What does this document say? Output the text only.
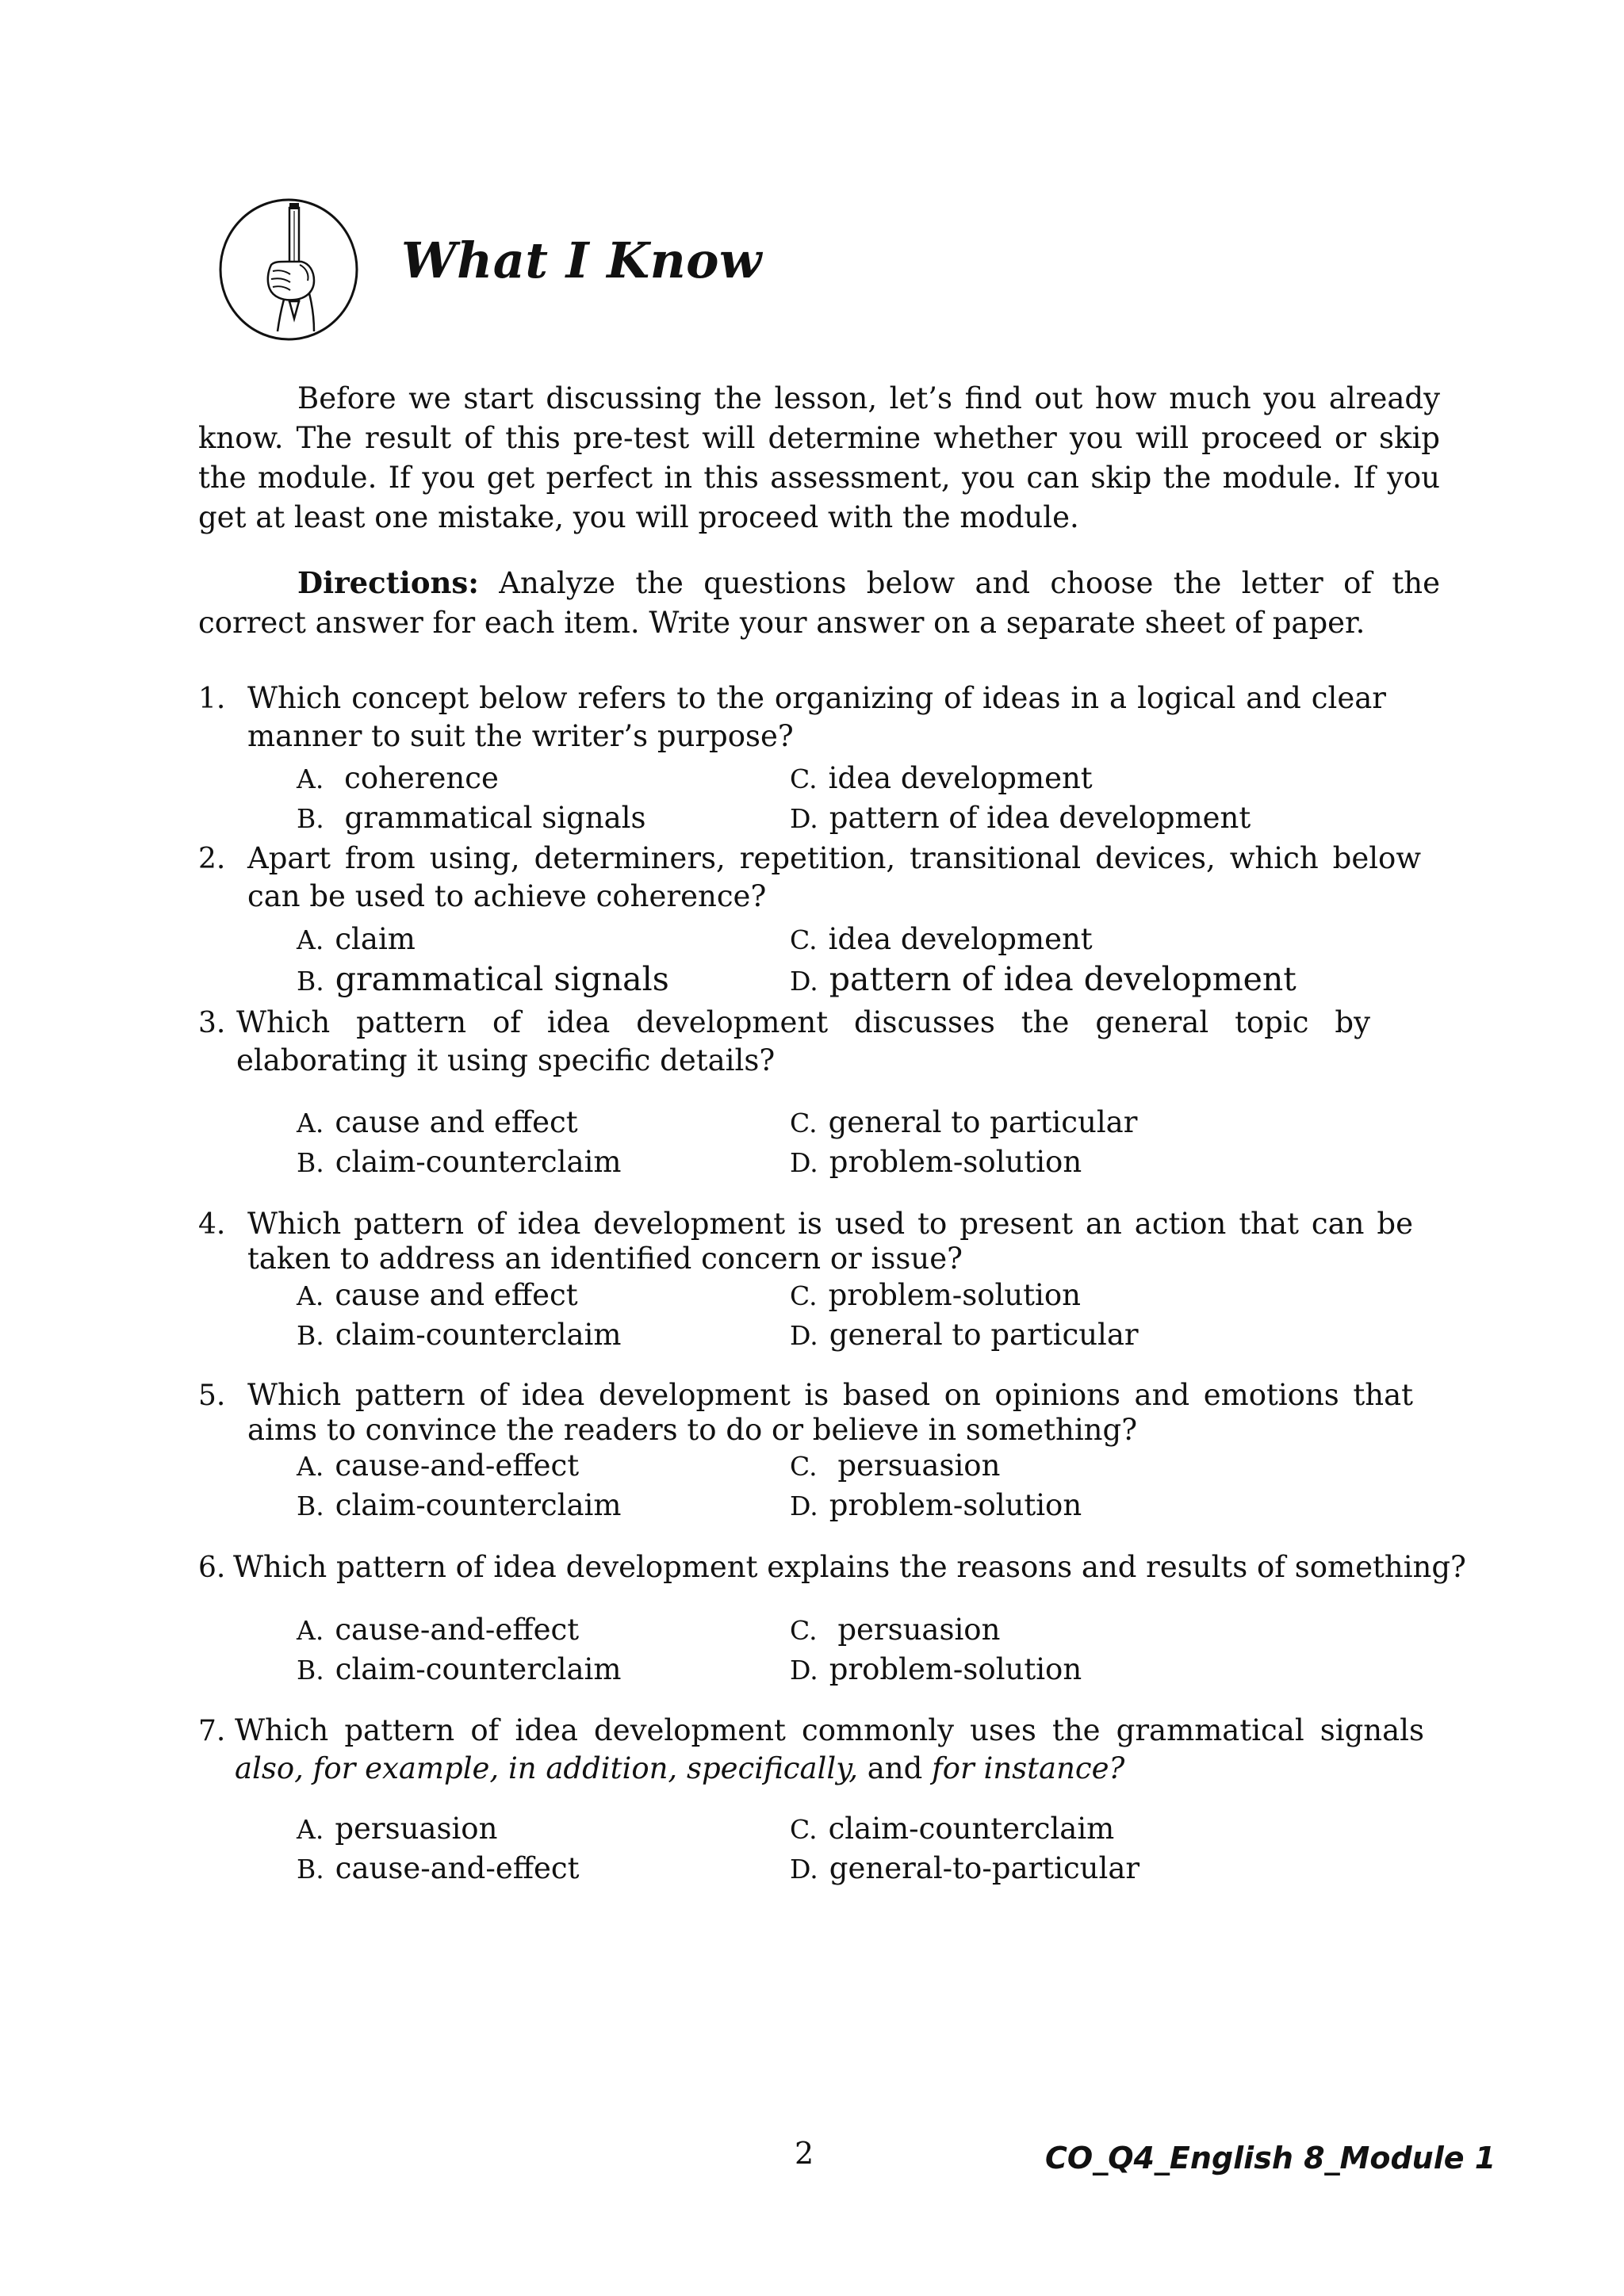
What I Know

Before we start discussing the lesson, let’s find out how much you already know. The result of this pre-test will determine whether you will proceed or skip the module. If you get perfect in this assessment, you can skip the module. If you get at least one mistake, you will proceed with the module.

Directions: Analyze the questions below and choose the letter of the correct answer for each item. Write your answer on a separate sheet of paper.

1. Which concept below refers to the organizing of ideas in a logical and clear manner to suit the writer’s purpose?
A. coherence	C. idea development
B. grammatical signals	D. pattern of idea development
2. Apart from using, determiners, repetition, transitional devices, which below can be used to achieve coherence?
A. claim	C. idea development
B. grammatical signals	D. pattern of idea development
3. Which pattern of idea development discusses the general topic by elaborating it using specific details?
A. cause and effect	C. general to particular
B. claim-counterclaim	D. problem-solution
4. Which pattern of idea development is used to present an action that can be taken to address an identified concern or issue?
A. cause and effect	C. problem-solution
B. claim-counterclaim	D. general to particular
5. Which pattern of idea development is based on opinions and emotions that aims to convince the readers to do or believe in something?
A. cause-and-effect	C. persuasion
B. claim-counterclaim	D. problem-solution
6. Which pattern of idea development explains the reasons and results of something?
A. cause-and-effect	C. persuasion
B. claim-counterclaim	D. problem-solution
7. Which pattern of idea development commonly uses the grammatical signals also, for example, in addition, specifically, and for instance?
A. persuasion	C. claim-counterclaim
B. cause-and-effect	D. general-to-particular
2	CO_Q4_English 8_Module 1
